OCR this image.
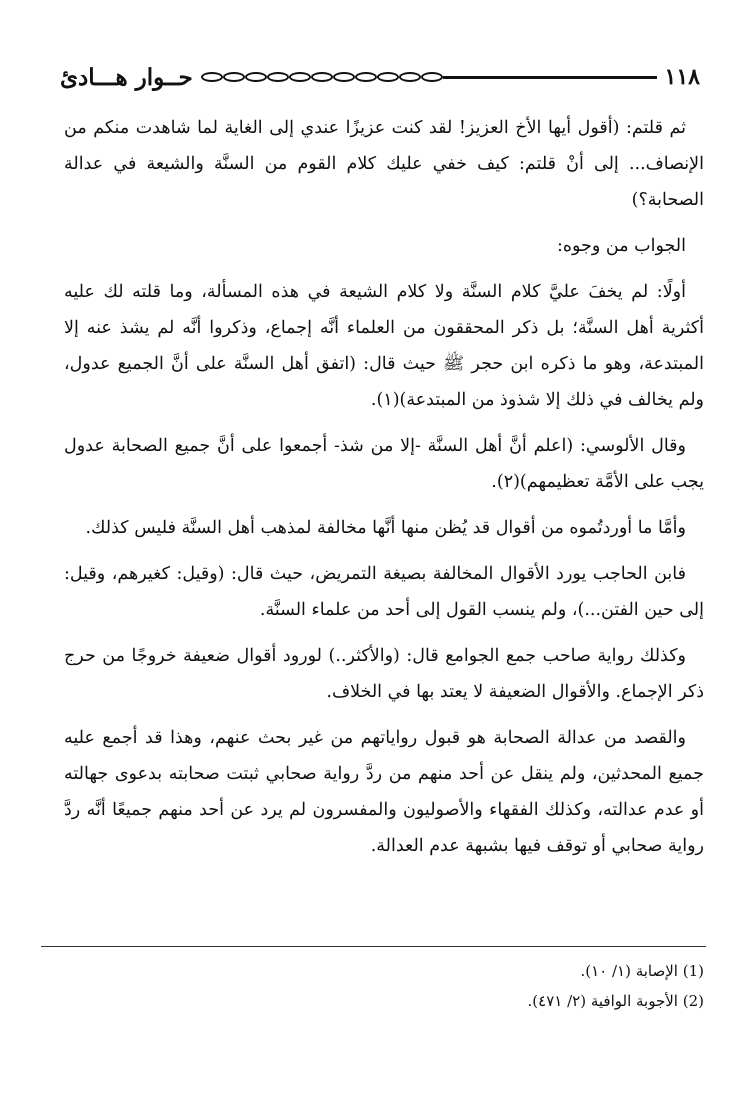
١١٨
حــوار هـــادئ

ثم قلتم: (أقول أيها الأخ العزيز! لقد كنت عزيزًا عندي إلى الغاية لما شاهدت منكم من الإنصاف... إلى أنْ قلتم: كيف خفي عليك كلام القوم من السنَّة والشيعة في عدالة الصحابة؟)

الجواب من وجوه:

أولًا: لم يخفَ عليَّ كلام السنَّة ولا كلام الشيعة في هذه المسألة، وما قلته لك عليه أكثرية أهل السنَّة؛ بل ذكر المحققون من العلماء أنَّه إجماع، وذكروا أنَّه لم يشذ عنه إلا المبتدعة، وهو ما ذكره ابن حجر ﷺ حيث قال: (اتفق أهل السنَّة على أنَّ الجميع عدول، ولم يخالف في ذلك إلا شذوذ من المبتدعة)(١).

وقال الألوسي: (اعلم أنَّ أهل السنَّة -إلا من شذ- أجمعوا على أنَّ جميع الصحابة عدول يجب على الأمَّة تعظيمهم)(٢).

وأمَّا ما أوردتُموه من أقوال قد يُظن منها أنَّها مخالفة لمذهب أهل السنَّة فليس كذلك.

فابن الحاجب يورد الأقوال المخالفة بصيغة التمريض، حيث قال: (وقيل: كغيرهم، وقيل: إلى حين الفتن...)، ولم ينسب القول إلى أحد من علماء السنَّة.

وكذلك رواية صاحب جمع الجوامع قال: (والأكثر..) لورود أقوال ضعيفة خروجًا من حرج ذكر الإجماع. والأقوال الضعيفة لا يعتد بها في الخلاف.

والقصد من عدالة الصحابة هو قبول رواياتهم من غير بحث عنهم، وهذا قد أجمع عليه جميع المحدثين، ولم ينقل عن أحد منهم من ردَّ رواية صحابي ثبتت صحابته بدعوى جهالته أو عدم عدالته، وكذلك الفقهاء والأصوليون والمفسرون لم يرد عن أحد منهم جميعًا أنَّه ردَّ رواية صحابي أو توقف فيها بشبهة عدم العدالة.

(1) الإصابة (١/ ١٠).
(2) الأجوبة الوافية (٢/ ٤٧١).
